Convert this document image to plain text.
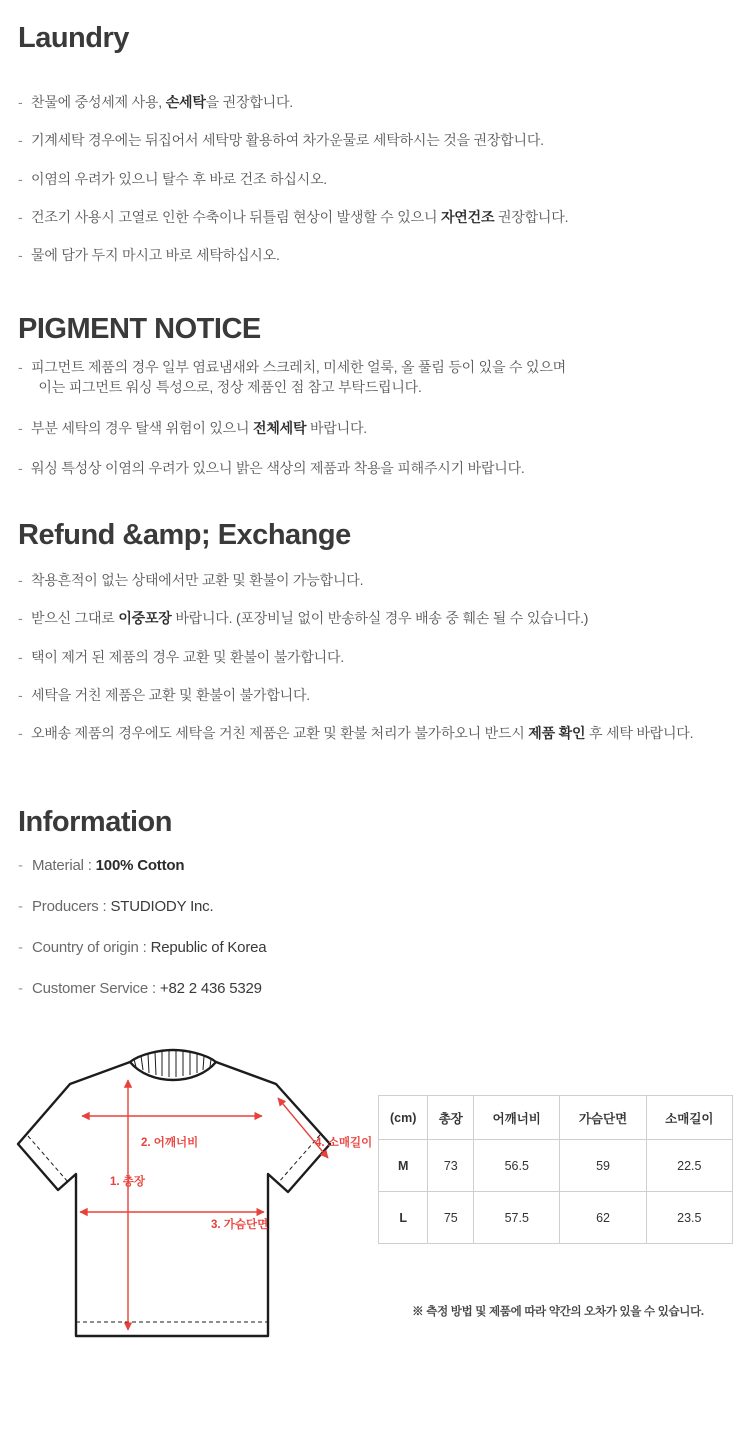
Laundry
- 찬물에 중성세제 사용, 손세탁을 권장합니다.
- 기계세탁 경우에는 뒤집어서 세탁망 활용하여 차가운물로 세탁하시는 것을 권장합니다.
- 이염의 우려가 있으니 탈수 후 바로 건조 하십시오.
- 건조기 사용시 고열로 인한 수축이나 뒤틀림 현상이 발생할 수 있으니 자연건조 권장합니다.
- 물에 담가 두지 마시고 바로 세탁하십시오.
PIGMENT NOTICE
- 피그먼트 제품의 경우 일부 염료냄새와 스크레치, 미세한 얼룩, 올 풀림 등이 있을 수 있으며
이는 피그먼트 워싱 특성으로, 정상 제품인 점 참고 부탁드립니다.
- 부분 세탁의 경우 탈색 위험이 있으니 전체세탁 바랍니다.
- 워싱 특성상 이염의 우려가 있으니 밝은 색상의 제품과 착용을 피해주시기 바랍니다.
Refund &amp; Exchange
- 착용흔적이 없는 상태에서만 교환 및 환불이 가능합니다.
- 받으신 그대로 이중포장 바랍니다. (포장비닐 없이 반송하실 경우 배송 중 훼손 될 수 있습니다.)
- 택이 제거 된 제품의 경우 교환 및 환불이 불가합니다.
- 세탁을 거친 제품은 교환 및 환불이 불가합니다.
- 오배송 제품의 경우에도 세탁을 거친 제품은 교환 및 환불 처리가 불가하오니 반드시 제품 확인 후 세탁 바랍니다.
Information
- Material : 100% Cotton
- Producers : STUDIODY Inc.
- Country of origin : Republic of Korea
- Customer Service : +82 2 436 5329
1. 총장
2. 어깨너비
3. 가슴단면
4. 소매길이
(cm)	총장	어깨너비	가슴단면	소매길이
M	73	56.5	59	22.5
L	75	57.5	62	23.5
※ 측정 방법 및 제품에 따라 약간의 오차가 있을 수 있습니다.
